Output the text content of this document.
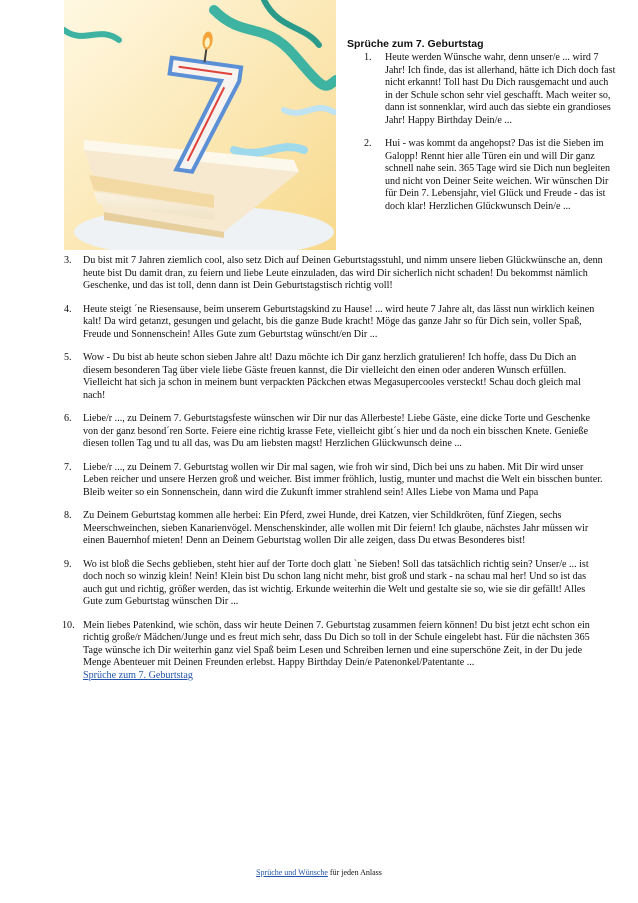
Sprüche zum 7. Geburtstag
1. Heute werden Wünsche wahr, denn unser/e ... wird 7 Jahr! Ich finde, das ist allerhand, hätte ich Dich doch fast nicht erkannt! Toll hast Du Dich rausgemacht und auch in der Schule schon sehr viel geschafft. Mach weiter so, dann ist sonnenklar, wird auch das siebte ein grandioses Jahr! Happy Birthday Dein/e ...
2. Hui - was kommt da angehopst? Das ist die Sieben im Galopp! Rennt hier alle Türen ein und will Dir ganz schnell nahe sein. 365 Tage wird sie Dich nun begleiten und nicht von Deiner Seite weichen. Wir wünschen Dir für Dein 7. Lebensjahr, viel Glück und Freude - das ist doch klar! Herzlichen Glückwunsch Dein/e ...
3. Du bist mit 7 Jahren ziemlich cool, also setz Dich auf Deinen Geburtstagsstuhl, und nimm unsere lieben Glückwünsche an, denn heute bist Du damit dran, zu feiern und liebe Leute einzuladen, das wird Dir sicherlich nicht schaden! Du bekommst nämlich Geschenke, und das ist toll, denn dann ist Dein Geburtstagstisch richtig voll!
4. Heute steigt ´ne Riesensause, beim unserem Geburtstagskind zu Hause! ... wird heute 7 Jahre alt, das lässt nun wirklich keinen kalt! Da wird getanzt, gesungen und gelacht, bis die ganze Bude kracht! Möge das ganze Jahr so für Dich sein, voller Spaß, Freude und Sonnenschein! Alles Gute zum Geburtstag wünscht/en Dir ...
5. Wow - Du bist ab heute schon sieben Jahre alt! Dazu möchte ich Dir ganz herzlich gratulieren! Ich hoffe, dass Du Dich an diesem besonderen Tag über viele liebe Gäste freuen kannst, die Dir vielleicht den einen oder anderen Wunsch erfüllen. Vielleicht hat sich ja schon in meinem bunt verpackten Päckchen etwas Megasupercooles versteckt! Schau doch gleich mal nach!
6. Liebe/r ..., zu Deinem 7. Geburtstagsfeste wünschen wir Dir nur das Allerbeste! Liebe Gäste, eine dicke Torte und Geschenke von der ganz besond´ren Sorte. Feiere eine richtig krasse Fete, vielleicht gibt´s hier und da noch ein bisschen Knete. Genieße diesen tollen Tag und tu all das, was Du am liebsten magst! Herzlichen Glückwunsch deine ...
7. Liebe/r ..., zu Deinem 7. Geburtstag wollen wir Dir mal sagen, wie froh wir sind, Dich bei uns zu haben. Mit Dir wird unser Leben reicher und unsere Herzen groß und weicher. Bist immer fröhlich, lustig, munter und machst die Welt ein bisschen bunter. Bleib weiter so ein Sonnenschein, dann wird die Zukunft immer strahlend sein! Alles Liebe von Mama und Papa
8. Zu Deinem Geburtstag kommen alle herbei: Ein Pferd, zwei Hunde, drei Katzen, vier Schildkröten, fünf Ziegen, sechs Meerschweinchen, sieben Kanarienvögel. Menschenskinder, alle wollen mit Dir feiern! Ich glaube, nächstes Jahr müssen wir einen Bauernhof mieten! Denn an Deinem Geburtstag wollen Dir alle zeigen, dass Du etwas Besonderes bist!
9. Wo ist bloß die Sechs geblieben, steht hier auf der Torte doch glatt `ne Sieben! Soll das tatsächlich richtig sein? Unser/e ... ist doch noch so winzig klein! Nein! Klein bist Du schon lang nicht mehr, bist groß und stark - na schau mal her! Und so ist das auch gut und richtig, größer werden, das ist wichtig. Erkunde weiterhin die Welt und gestalte sie so, wie sie dir gefällt! Alles Gute zum Geburtstag wünschen Dir ...
10. Mein liebes Patenkind, wie schön, dass wir heute Deinen 7. Geburtstag zusammen feiern können! Du bist jetzt echt schon ein richtig große/r Mädchen/Junge und es freut mich sehr, dass Du Dich so toll in der Schule eingelebt hast. Für die nächsten 365 Tage wünsche ich Dir weiterhin ganz viel Spaß beim Lesen und Schreiben lernen und eine superschöne Zeit, in der Du jede Menge Abenteuer mit Deinen Freunden erlebst. Happy Birthday Dein/e Patenonkel/Patentante ...
Sprüche zum 7. Geburtstag
Sprüche und Wünsche für jeden Anlass
